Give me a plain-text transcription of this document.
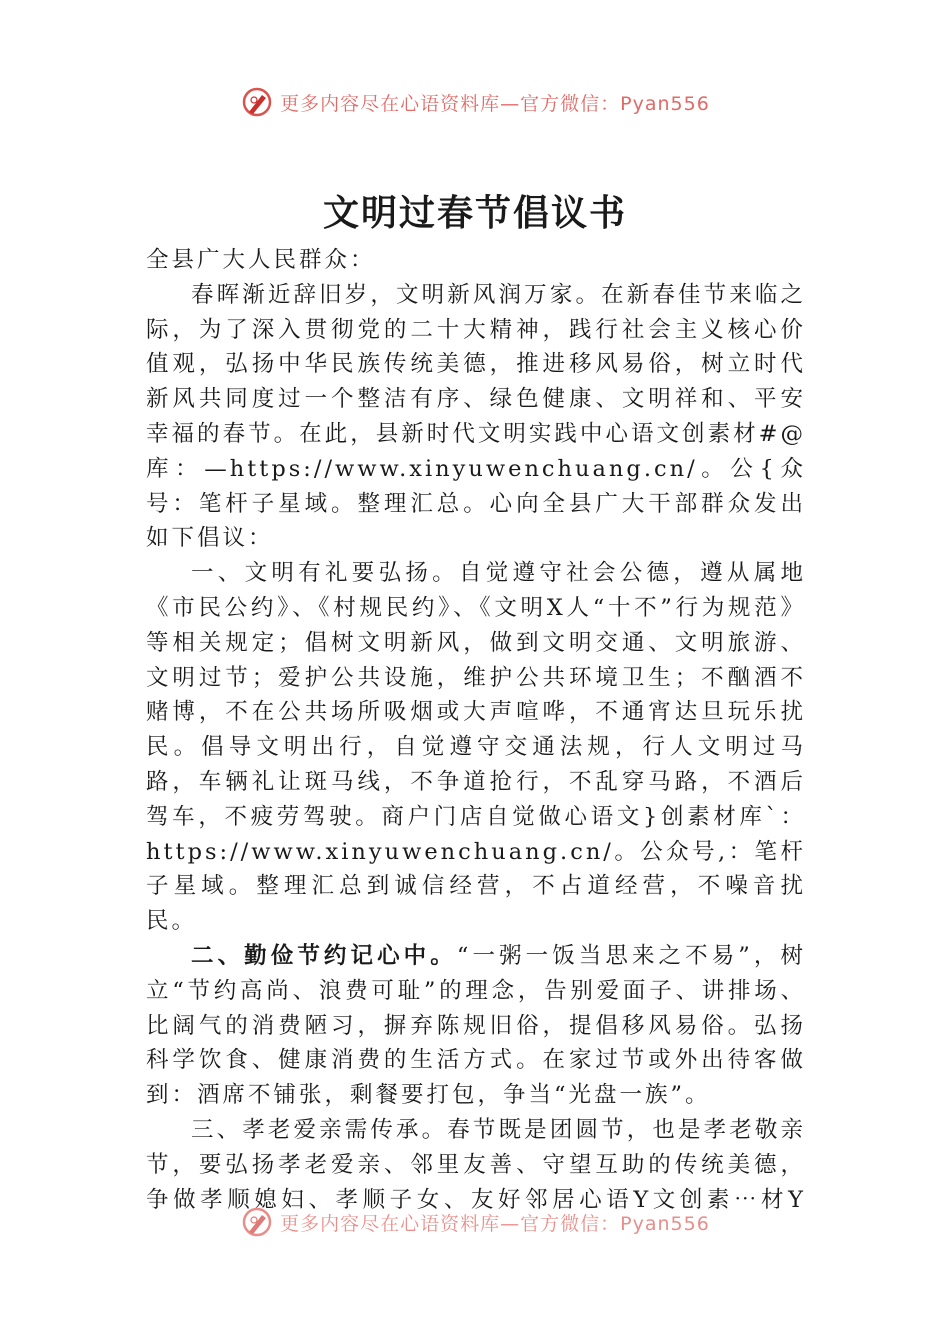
更多内容尽在心语资料库—官方微信：Pyan556
文明过春节倡议书

全县广大人民群众：

春晖渐近辞旧岁，文明新风润万家。在新春佳节来临之际，为了深入贯彻党的二十大精神，践行社会主义核心价值观，弘扬中华民族传统美德，推进移风易俗，树立时代新风共同度过一个整洁有序、绿色健康、文明祥和、平安幸福的春节。在此，县新时代文明实践中心语文创素材#@库：—https://www.xinyuwenchuang.cn/。公{众号：笔杆子星域。整理汇总。心向全县广大干部群众发出如下倡议：

一、文明有礼要弘扬。自觉遵守社会公德，遵从属地《市民公约》、《村规民约》、《文明X人“十不”行为规范》等相关规定；倡树文明新风，做到文明交通、文明旅游、文明过节；爱护公共设施，维护公共环境卫生；不酗酒不赌博，不在公共场所吸烟或大声喧哗，不通宵达旦玩乐扰民。倡导文明出行，自觉遵守交通法规，行人文明过马路，车辆礼让斑马线，不争道抢行，不乱穿马路，不酒后驾车，不疲劳驾驶。商户门店自觉做心语文}创素材库`：https://www.xinyuwenchuang.cn/。公众号,：笔杆子星域。整理汇总到诚信经营，不占道经营，不噪音扰民。

二、勤俭节约记心中。“一粥一饭当思来之不易”，树立“节约高尚、浪费可耻”的理念，告别爱面子、讲排场、比阔气的消费陋习，摒弃陈规旧俗，提倡移风易俗。弘扬科学饮食、健康消费的生活方式。在家过节或外出待客做到：酒席不铺张，剩餐要打包，争当“光盘一族”。

三、孝老爱亲需传承。春节既是团圆节，也是孝老敬亲节，要弘扬孝老爱亲、邻里友善、守望互助的传统美德，争做孝顺媳妇、孝顺子女、友好邻居心语Y文创素⋯材Y

更多内容尽在心语资料库—官方微信：Pyan556
